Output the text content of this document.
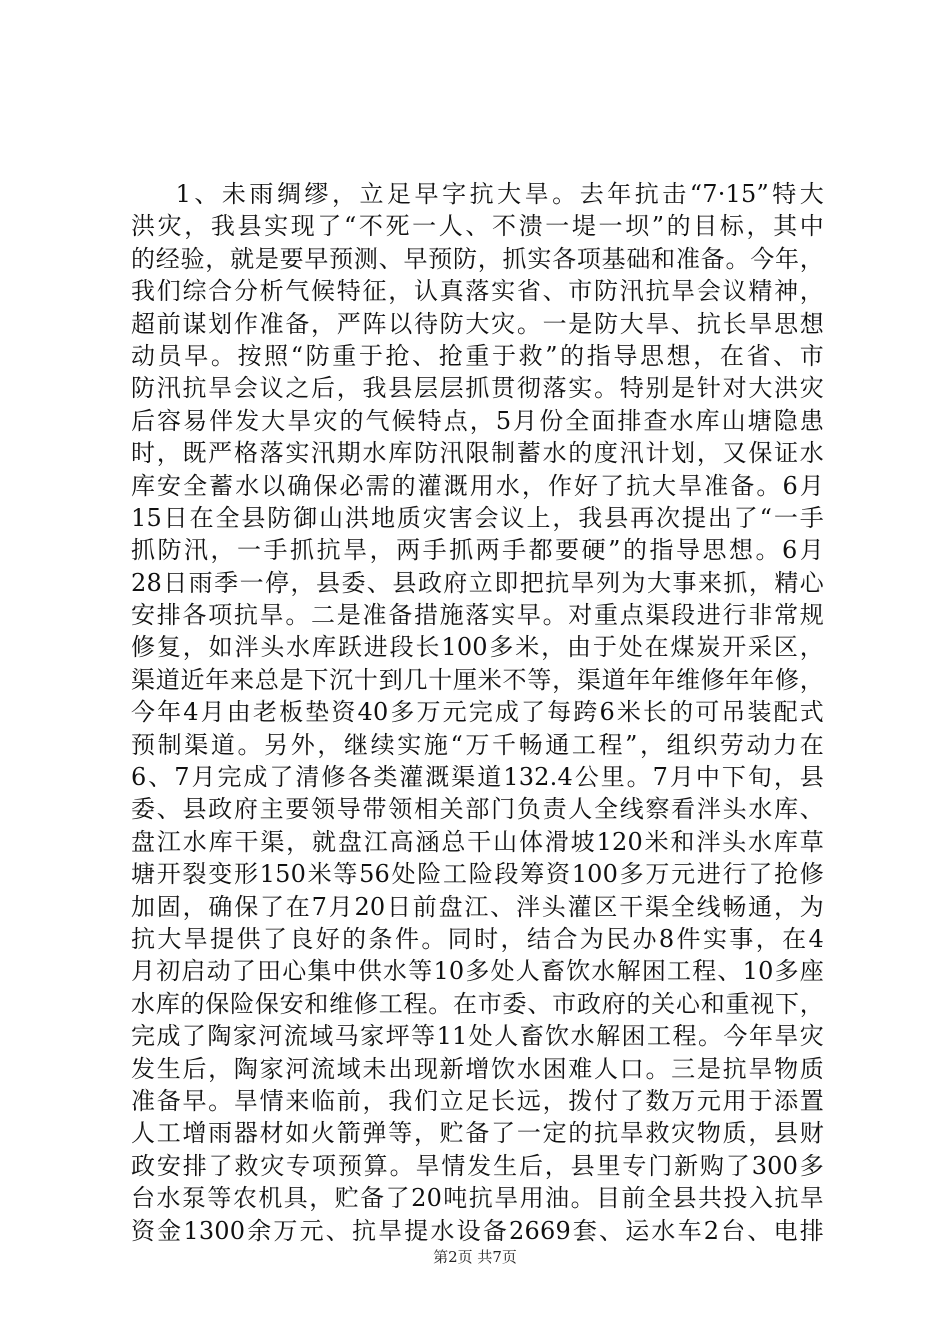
1、未雨绸缪，立足早字抗大旱。去年抗击“7·15”特大
洪灾，我县实现了“不死一人、不溃一堤一坝”的目标，其中
的经验，就是要早预测、早预防，抓实各项基础和准备。今年，
我们综合分析气候特征，认真落实省、市防汛抗旱会议精神，
超前谋划作准备，严阵以待防大灾。一是防大旱、抗长旱思想
动员早。按照“防重于抢、抢重于救”的指导思想，在省、市
防汛抗旱会议之后，我县层层抓贯彻落实。特别是针对大洪灾
后容易伴发大旱灾的气候特点，5月份全面排查水库山塘隐患
时，既严格落实汛期水库防汛限制蓄水的度汛计划，又保证水
库安全蓄水以确保必需的灌溉用水，作好了抗大旱准备。6月
15日在全县防御山洪地质灾害会议上，我县再次提出了“一手
抓防汛，一手抓抗旱，两手抓两手都要硬”的指导思想。6月
28日雨季一停，县委、县政府立即把抗旱列为大事来抓，精心
安排各项抗旱。二是准备措施落实早。对重点渠段进行非常规
修复，如泮头水库跃进段长100多米，由于处在煤炭开采区，
渠道近年来总是下沉十到几十厘米不等，渠道年年维修年年修，
今年4月由老板垫资40多万元完成了每跨6米长的可吊装配式
预制渠道。另外，继续实施“万千畅通工程”，组织劳动力在
6、7月完成了清修各类灌溉渠道132.4公里。7月中下旬，县
委、县政府主要领导带领相关部门负责人全线察看泮头水库、
盘江水库干渠，就盘江高涵总干山体滑坡120米和泮头水库草
塘开裂变形150米等56处险工险段筹资100多万元进行了抢修
加固，确保了在7月20日前盘江、泮头灌区干渠全线畅通，为
抗大旱提供了良好的条件。同时，结合为民办8件实事，在4
月初启动了田心集中供水等10多处人畜饮水解困工程、10多座
水库的保险保安和维修工程。在市委、市政府的关心和重视下，
完成了陶家河流域马家坪等11处人畜饮水解困工程。今年旱灾
发生后，陶家河流域未出现新增饮水困难人口。三是抗旱物质
准备早。旱情来临前，我们立足长远，拨付了数万元用于添置
人工增雨器材如火箭弹等，贮备了一定的抗旱救灾物质，县财
政安排了救灾专项预算。旱情发生后，县里专门新购了300多
台水泵等农机具，贮备了20吨抗旱用油。目前全县共投入抗旱
资金1300余万元、抗旱提水设备2669套、运水车2台、电排
第2页 共7页
